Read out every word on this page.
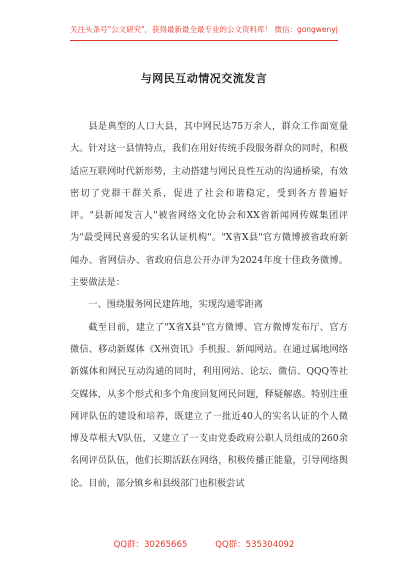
关注头条号"公文研究"，获得最新最全最专业的公文资料库！ 微信：gongwenyj
与网民互动情况交流发言

县是典型的人口大县，其中网民达75万余人，群众工作面宽量大。针对这一县情特点，我们在用好传统手段服务群众的同时，积极适应互联网时代新形势，主动搭建与网民良性互动的沟通桥梁，有效密切了党群干群关系，促进了社会和谐稳定，受到各方普遍好评。"县新闻发言人"被省网络文化协会和XX省新闻网传媒集团评为"最受网民喜爱的实名认证机构"。"X省X县"官方微博被省政府新闻办、省网信办、省政府信息公开办评为2024年度十佳政务微博。主要做法是：

一、围绕服务网民建阵地，实现沟通零距离

截至目前，建立了"X省X县"官方微博、官方微博发布厅、官方微信、移动新媒体《X州资讯》手机报、新闻网站。在通过属地网络新媒体和网民互动沟通的同时，利用网站、论坛、微信、QQQ等社交媒体，从多个形式和多个角度回复网民问题，释疑解惑。特别注重网评队伍的建设和培养，既建立了一批近40人的实名认证的个人微博及草根大V队伍，又建立了一支由党委政府公职人员组成的260余名网评员队伍，他们长期活跃在网络，积极传播正能量，引导网络舆论。目前，部分镇乡和县级部门也积极尝试

QQ群：30265665	QQ群：535304092
